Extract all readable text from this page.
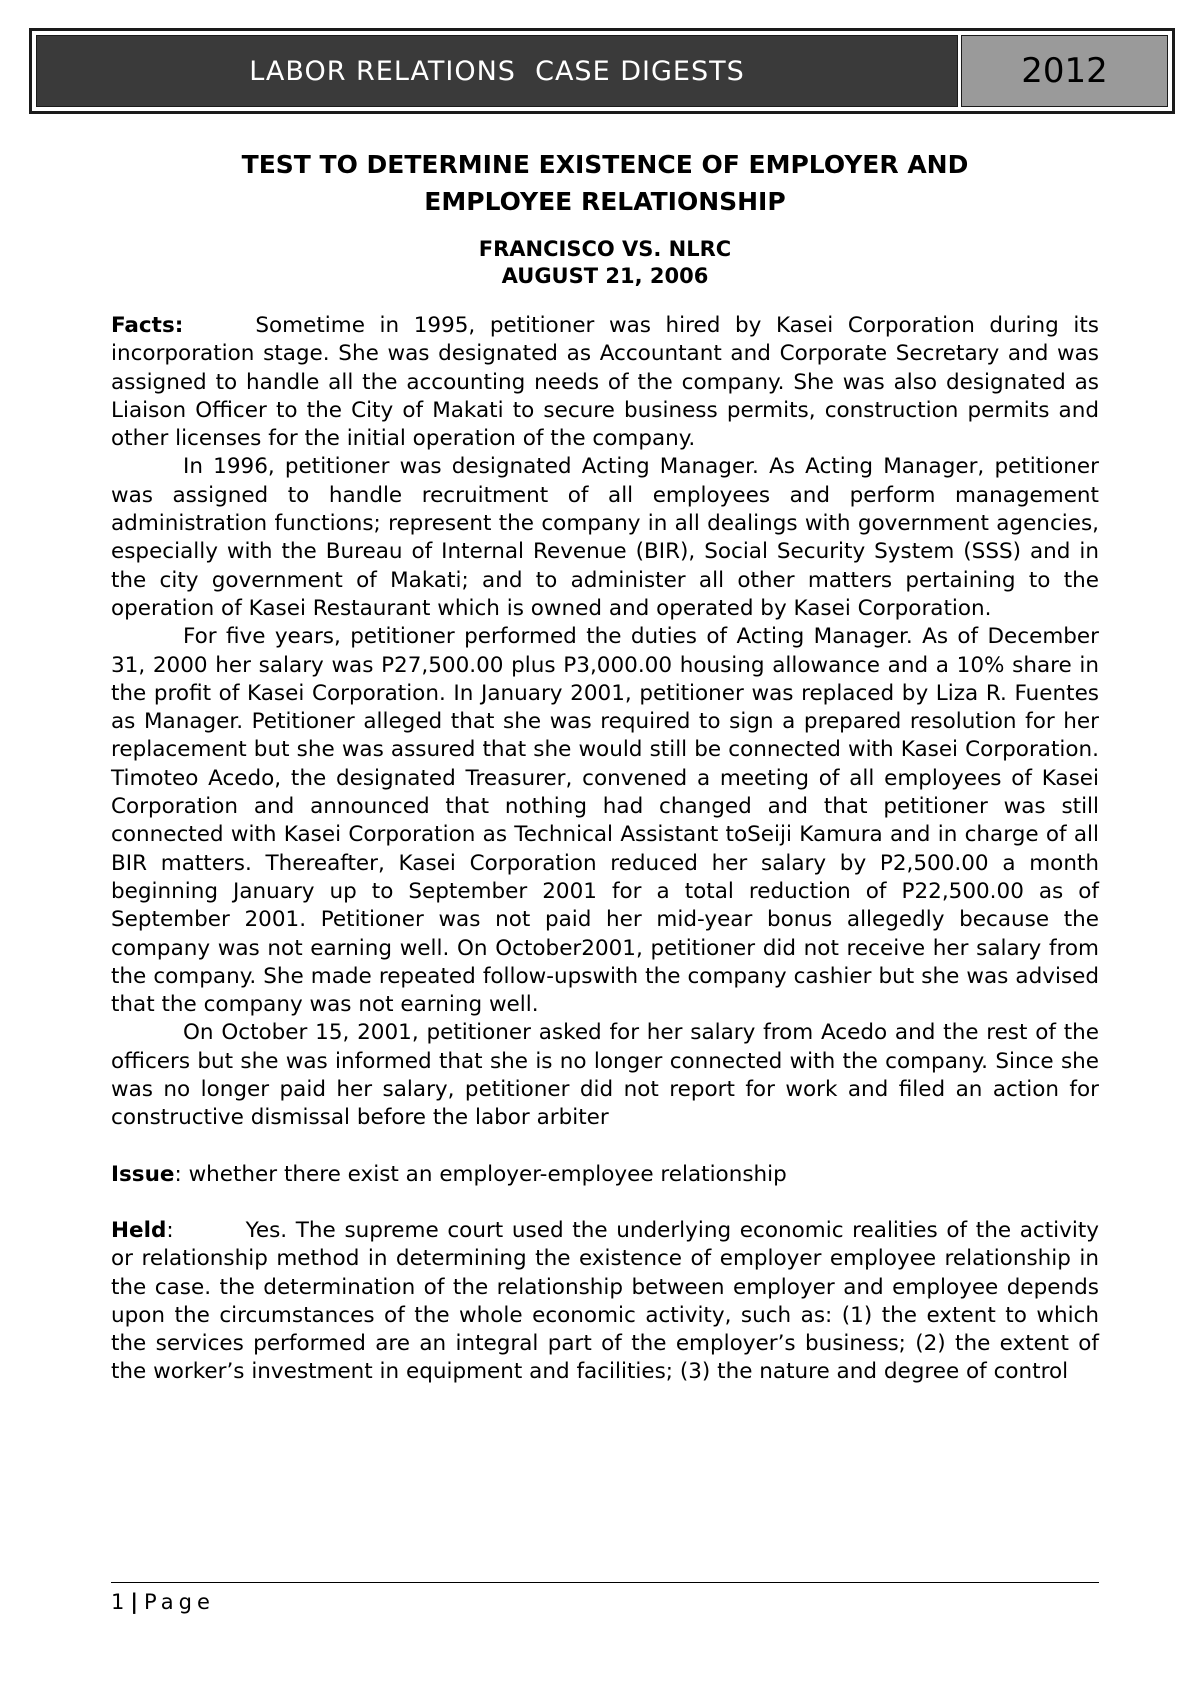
LABOR RELATIONS  CASE DIGESTS	2012

TEST TO DETERMINE EXISTENCE OF EMPLOYER AND
EMPLOYEE RELATIONSHIP

FRANCISCO VS. NLRC

AUGUST 21, 2006

Facts:	Sometime in 1995, petitioner was hired by Kasei Corporation during its incorporation stage. She was designated as Accountant and Corporate Secretary and was assigned to handle all the accounting needs of the company. She was also designated as Liaison Officer to the City of Makati to secure business permits, construction permits and other licenses for the initial operation of the company.

In 1996, petitioner was designated Acting Manager. As Acting Manager, petitioner was assigned to handle recruitment of all employees and perform management administration functions; represent the company in all dealings with government agencies, especially with the Bureau of Internal Revenue (BIR), Social Security System (SSS) and in the city government of Makati; and to administer all other matters pertaining to the operation of Kasei Restaurant which is owned and operated by Kasei Corporation.

For five years, petitioner performed the duties of Acting Manager. As of December 31, 2000 her salary was P27,500.00 plus P3,000.00 housing allowance and a 10% share in the profit of Kasei Corporation. In January 2001, petitioner was replaced by Liza R. Fuentes as Manager. Petitioner alleged that she was required to sign a prepared resolution for her replacement but she was assured that she would still be connected with Kasei Corporation. Timoteo Acedo, the designated Treasurer, convened a meeting of all employees of Kasei Corporation and announced that nothing had changed and that petitioner was still connected with Kasei Corporation as Technical Assistant toSeiji Kamura and in charge of all BIR matters. Thereafter, Kasei Corporation reduced her salary by P2,500.00 a month beginning January up to September 2001 for a total reduction of P22,500.00 as of September 2001. Petitioner was not paid her mid-year bonus allegedly because the company was not earning well. On October2001, petitioner did not receive her salary from the company. She made repeated follow-upswith the company cashier but she was advised that the company was not earning well.

On October 15, 2001, petitioner asked for her salary from Acedo and the rest of the officers but she was informed that she is no longer connected with the company. Since she was no longer paid her salary, petitioner did not report for work and filed an action for constructive dismissal before the labor arbiter

Issue: whether there exist an employer-employee relationship

Held:	Yes. The supreme court used the underlying economic realities of the activity or relationship method in determining the existence of employer employee relationship in the case. the determination of the relationship between employer and employee depends upon the circumstances of the whole economic activity, such as: (1) the extent to which the services performed are an integral part of the employer’s business; (2) the extent of the worker’s investment in equipment and facilities; (3) the nature and degree of control

1 | Page
